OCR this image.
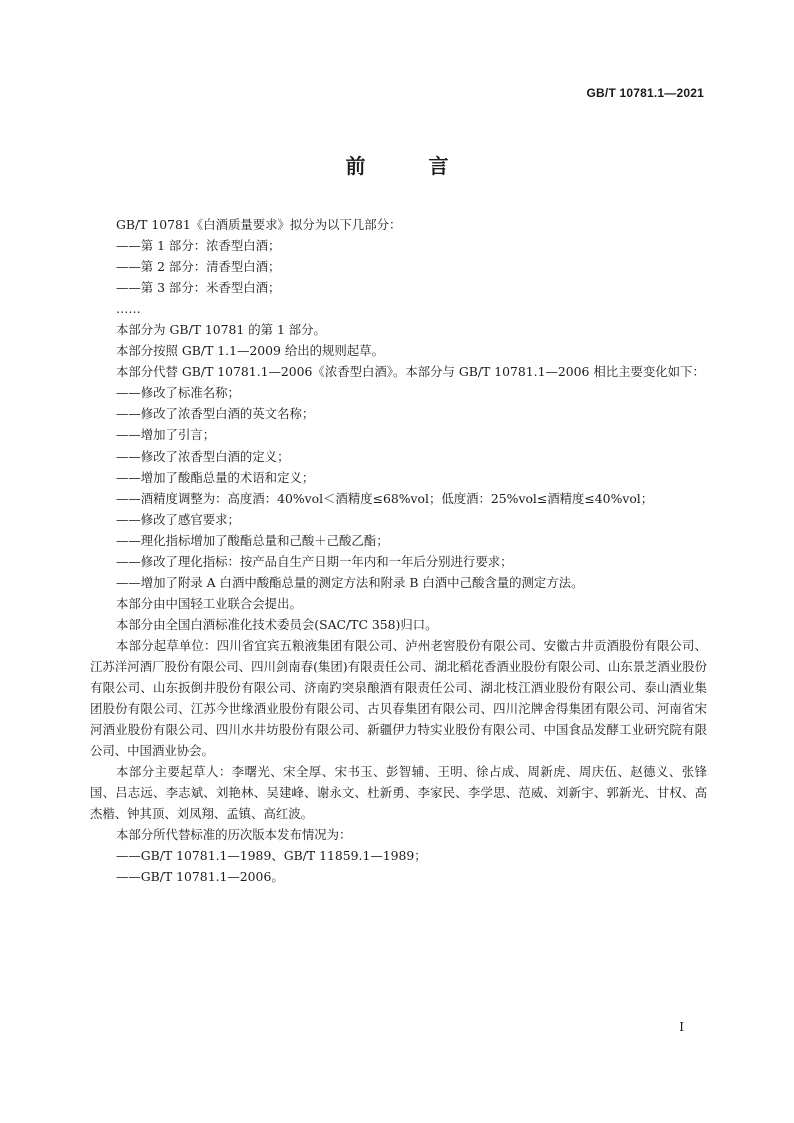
GB/T 10781.1—2021
前 言

GB/T 10781《白酒质量要求》拟分为以下几部分：

——第 1 部分：浓香型白酒；

——第 2 部分：清香型白酒；

——第 3 部分：米香型白酒；

……

本部分为 GB/T 10781 的第 1 部分。

本部分按照 GB/T 1.1—2009 给出的规则起草。

本部分代替 GB/T 10781.1—2006《浓香型白酒》。本部分与 GB/T 10781.1—2006 相比主要变化如下：

——修改了标准名称；

——修改了浓香型白酒的英文名称；

——增加了引言；

——修改了浓香型白酒的定义；

——增加了酸酯总量的术语和定义；

——酒精度调整为：高度酒：40%vol＜酒精度≤68%vol；低度酒：25%vol≤酒精度≤40%vol；

——修改了感官要求；

——理化指标增加了酸酯总量和己酸＋己酸乙酯；

——修改了理化指标：按产品自生产日期一年内和一年后分别进行要求；

——增加了附录 A 白酒中酸酯总量的测定方法和附录 B 白酒中己酸含量的测定方法。

本部分由中国轻工业联合会提出。

本部分由全国白酒标准化技术委员会(SAC/TC 358)归口。

本部分起草单位：四川省宜宾五粮液集团有限公司、泸州老窖股份有限公司、安徽古井贡酒股份有限公司、江苏洋河酒厂股份有限公司、四川剑南春(集团)有限责任公司、湖北稻花香酒业股份有限公司、山东景芝酒业股份有限公司、山东扳倒井股份有限公司、济南趵突泉酿酒有限责任公司、湖北枝江酒业股份有限公司、泰山酒业集团股份有限公司、江苏今世缘酒业股份有限公司、古贝春集团有限公司、四川沱牌舍得集团有限公司、河南省宋河酒业股份有限公司、四川水井坊股份有限公司、新疆伊力特实业股份有限公司、中国食品发酵工业研究院有限公司、中国酒业协会。

本部分主要起草人：李曙光、宋全厚、宋书玉、彭智辅、王明、徐占成、周新虎、周庆伍、赵德义、张锋国、吕志远、李志斌、刘艳林、吴建峰、谢永文、杜新勇、李家民、李学思、范威、刘新宇、郭新光、甘权、高杰楷、钟其顶、刘凤翔、孟镇、高红波。

本部分所代替标准的历次版本发布情况为：

——GB/T 10781.1—1989、GB/T 11859.1—1989；

——GB/T 10781.1—2006。

I
